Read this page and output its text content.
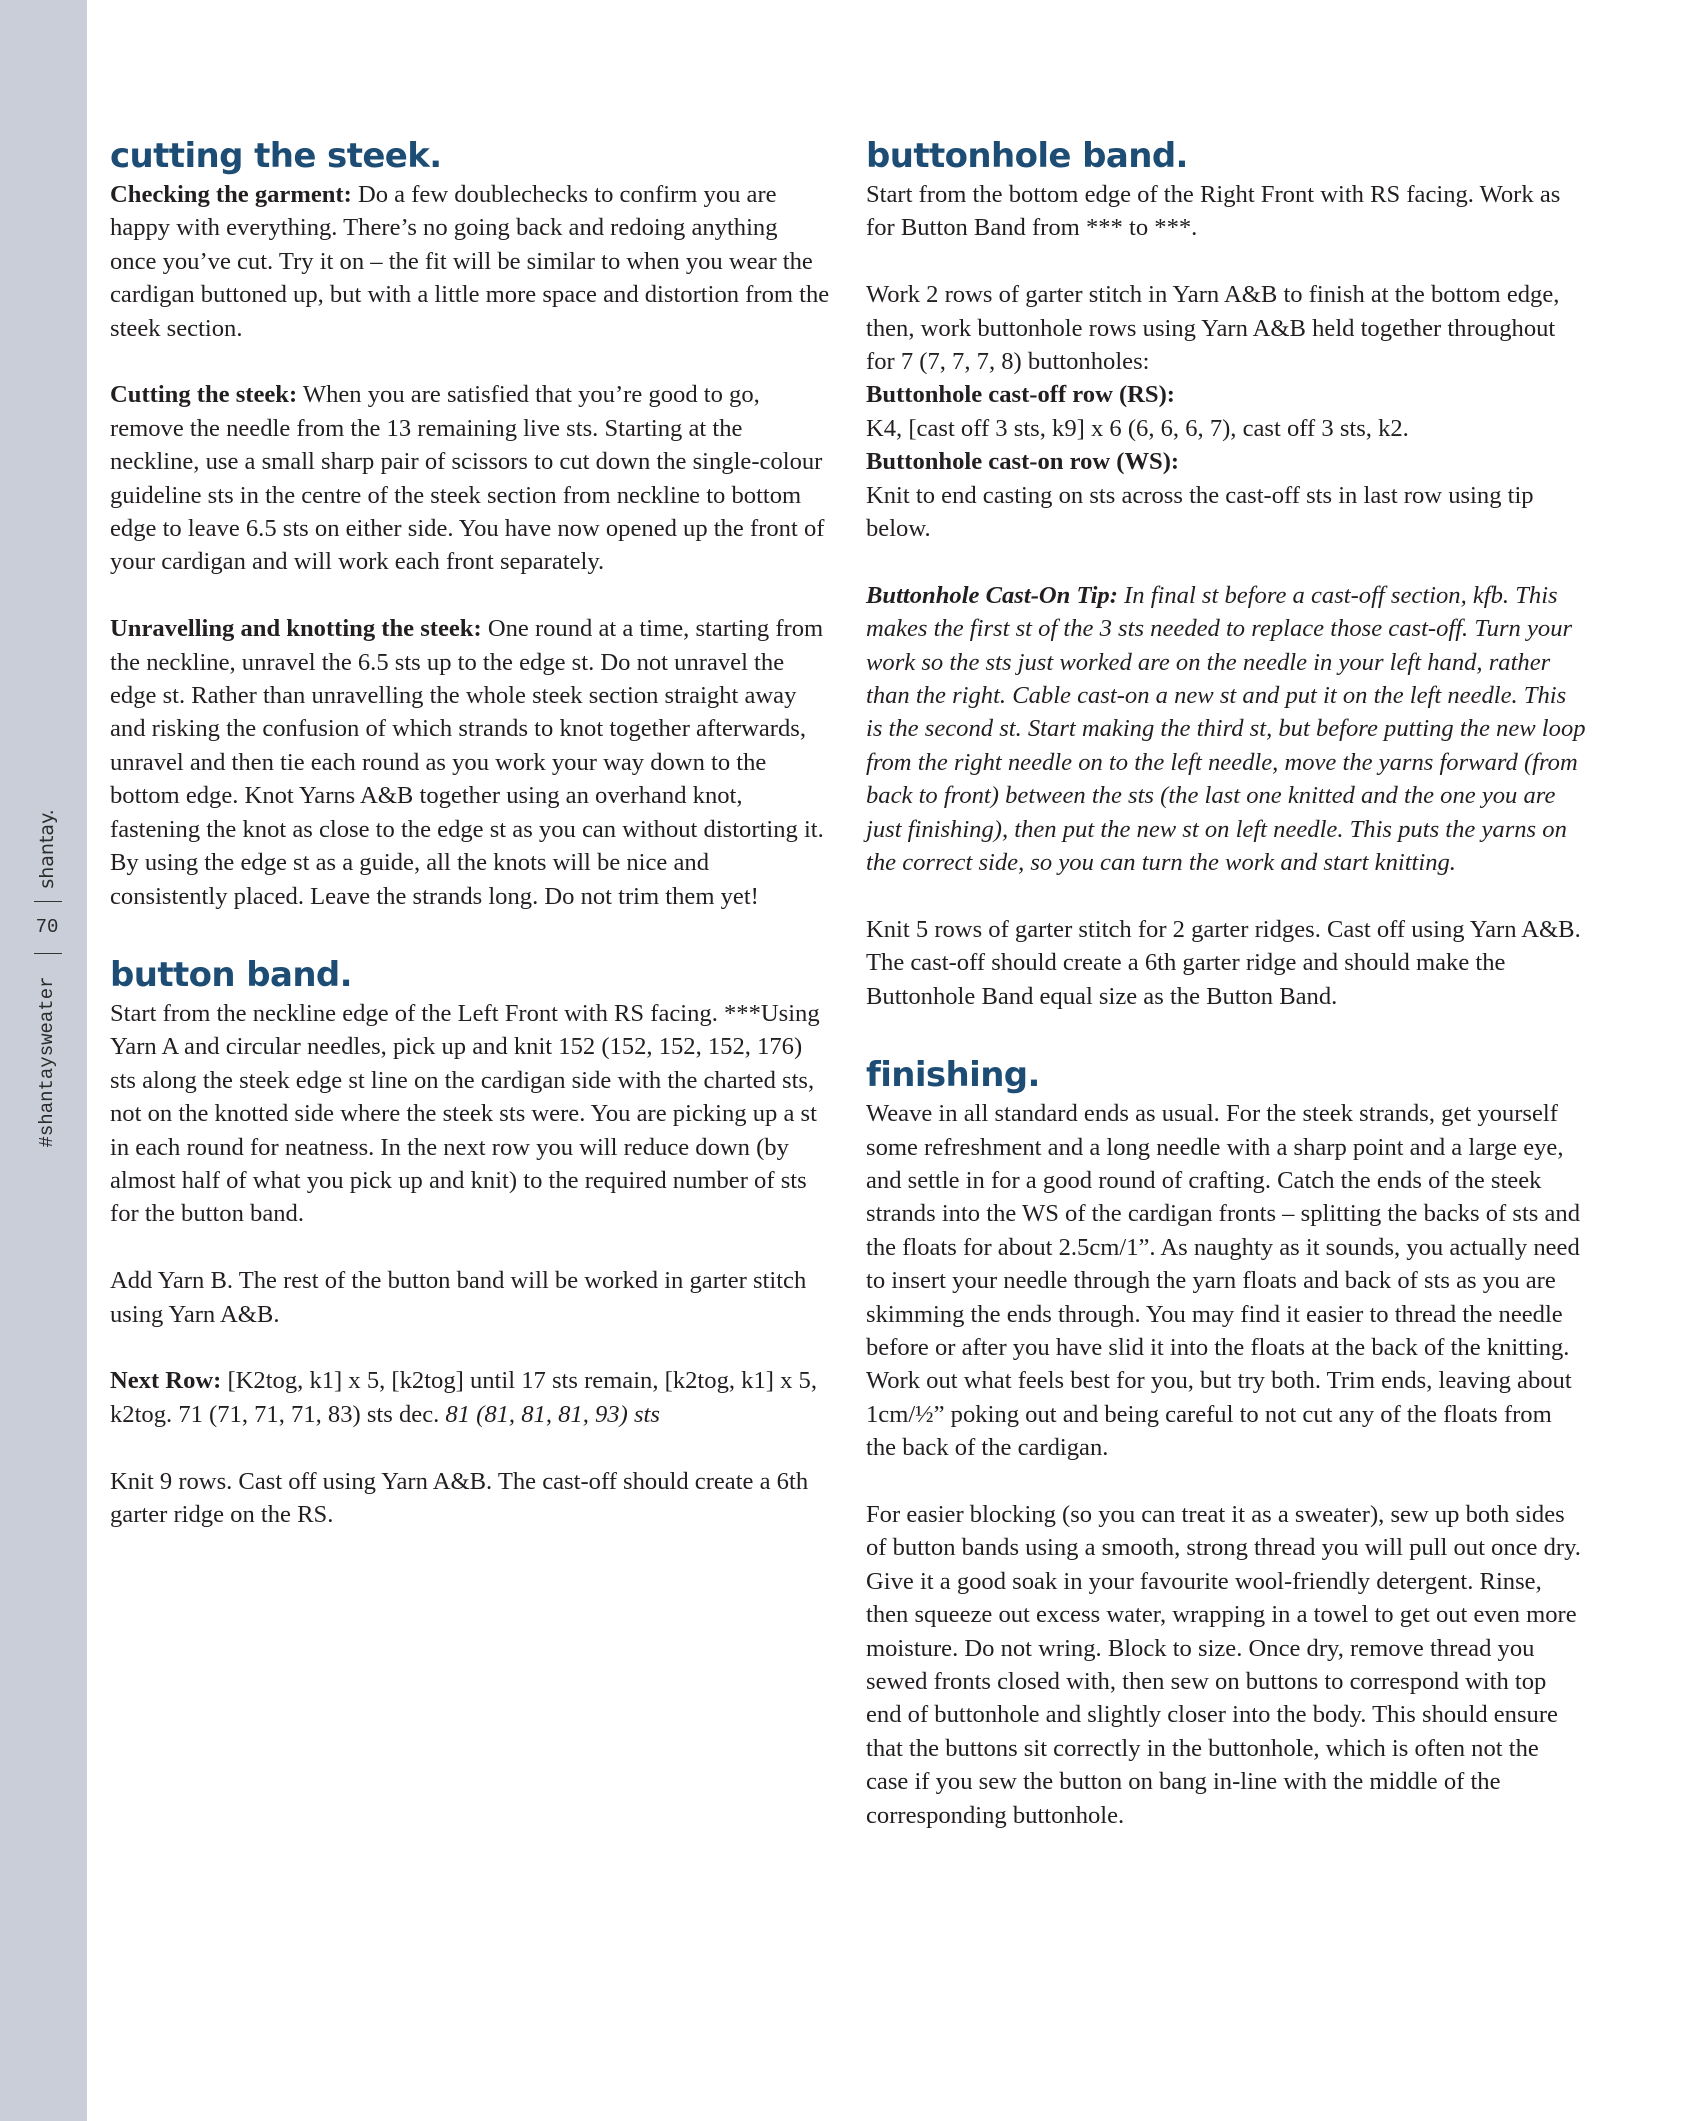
shantay.
70
#shantaysweater
cutting the steek.

Checking the garment: Do a few doublechecks to confirm you are happy with everything. There’s no going back and redoing anything once you’ve cut. Try it on – the fit will be similar to when you wear the cardigan buttoned up, but with a little more space and distortion from the steek section.

Cutting the steek: When you are satisfied that you’re good to go, remove the needle from the 13 remaining live sts. Starting at the neckline, use a small sharp pair of scissors to cut down the single-colour guideline sts in the centre of the steek section from neckline to bottom edge to leave 6.5 sts on either side. You have now opened up the front of your cardigan and will work each front separately.

Unravelling and knotting the steek: One round at a time, starting from the neckline, unravel the 6.5 sts up to the edge st. Do not unravel the edge st. Rather than unravelling the whole steek section straight away and risking the confusion of which strands to knot together afterwards, unravel and then tie each round as you work your way down to the bottom edge. Knot Yarns A&B together using an overhand knot, fastening the knot as close to the edge st as you can without distorting it. By using the edge st as a guide, all the knots will be nice and consistently placed. Leave the strands long. Do not trim them yet!

button band.

Start from the neckline edge of the Left Front with RS facing. ***Using Yarn A and circular needles, pick up and knit 152 (152, 152, 152, 176) sts along the steek edge st line on the cardigan side with the charted sts, not on the knotted side where the steek sts were. You are picking up a st in each round for neatness. In the next row you will reduce down (by almost half of what you pick up and knit) to the required number of sts for the button band.

Add Yarn B. The rest of the button band will be worked in garter stitch using Yarn A&B.

Next Row: [K2tog, k1] x 5, [k2tog] until 17 sts remain, [k2tog, k1] x 5, k2tog. 71 (71, 71, 71, 83) sts dec. 81 (81, 81, 81, 93) sts

Knit 9 rows. Cast off using Yarn A&B. The cast-off should create a 6th garter ridge on the RS.

buttonhole band.

Start from the bottom edge of the Right Front with RS facing. Work as for Button Band from *** to ***.

Work 2 rows of garter stitch in Yarn A&B to finish at the bottom edge, then, work buttonhole rows using Yarn A&B held together throughout for 7 (7, 7, 7, 8) buttonholes:

Buttonhole cast-off row (RS):

K4, [cast off 3 sts, k9] x 6 (6, 6, 6, 7), cast off 3 sts, k2.

Buttonhole cast-on row (WS):

Knit to end casting on sts across the cast-off sts in last row using tip below.

Buttonhole Cast-On Tip: In final st before a cast-off section, kfb. This makes the first st of the 3 sts needed to replace those cast-off. Turn your work so the sts just worked are on the needle in your left hand, rather than the right. Cable cast-on a new st and put it on the left needle. This is the second st. Start making the third st, but before putting the new loop from the right needle on to the left needle, move the yarns forward (from back to front) between the sts (the last one knitted and the one you are just finishing), then put the new st on left needle. This puts the yarns on the correct side, so you can turn the work and start knitting.

Knit 5 rows of garter stitch for 2 garter ridges. Cast off using Yarn A&B. The cast-off should create a 6th garter ridge and should make the Buttonhole Band equal size as the Button Band.

finishing.

Weave in all standard ends as usual. For the steek strands, get yourself some refreshment and a long needle with a sharp point and a large eye, and settle in for a good round of crafting. Catch the ends of the steek strands into the WS of the cardigan fronts – splitting the backs of sts and the floats for about 2.5cm/1”. As naughty as it sounds, you actually need to insert your needle through the yarn floats and back of sts as you are skimming the ends through. You may find it easier to thread the needle before or after you have slid it into the floats at the back of the knitting. Work out what feels best for you, but try both. Trim ends, leaving about 1cm/½” poking out and being careful to not cut any of the floats from the back of the cardigan.

For easier blocking (so you can treat it as a sweater), sew up both sides of button bands using a smooth, strong thread you will pull out once dry. Give it a good soak in your favourite wool-friendly detergent. Rinse, then squeeze out excess water, wrapping in a towel to get out even more moisture. Do not wring. Block to size. Once dry, remove thread you sewed fronts closed with, then sew on buttons to correspond with top end of buttonhole and slightly closer into the body. This should ensure that the buttons sit correctly in the buttonhole, which is often not the case if you sew the button on bang in-line with the middle of the corresponding buttonhole.
